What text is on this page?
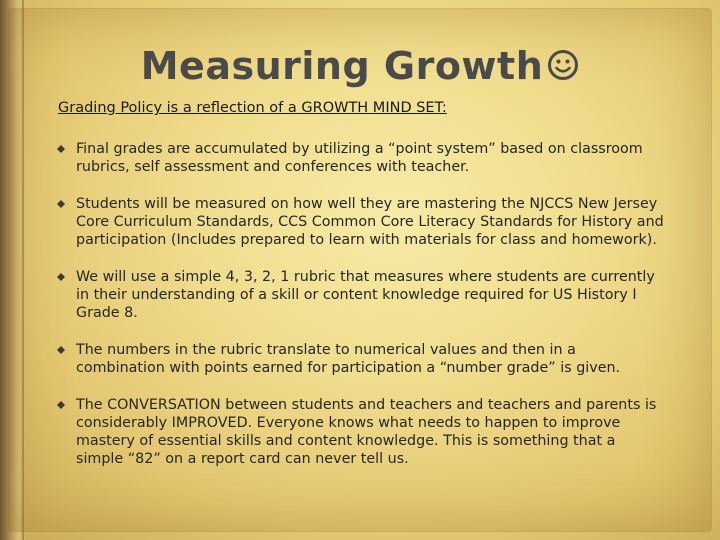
Measuring Growth
Grading Policy is a reflection of a GROWTH MIND SET:
Final grades are accumulated by utilizing a “point system” based on classroom rubrics, self assessment and conferences with teacher.
Students will be measured on how well they are mastering the NJCCS New Jersey Core Curriculum Standards, CCS Common Core Literacy Standards for History and participation (Includes prepared to learn with materials for class and homework).
We will use a simple 4, 3, 2, 1 rubric that measures where students are currently in their understanding of a skill or content knowledge required for US History I Grade 8.
The numbers in the rubric translate to numerical values and then in a combination with points earned for participation a “number grade” is given.
The CONVERSATION between students and teachers and teachers and parents is considerably IMPROVED. Everyone knows what needs to happen to improve mastery of essential skills and content knowledge. This is something that a simple “82” on a report card can never tell us.
